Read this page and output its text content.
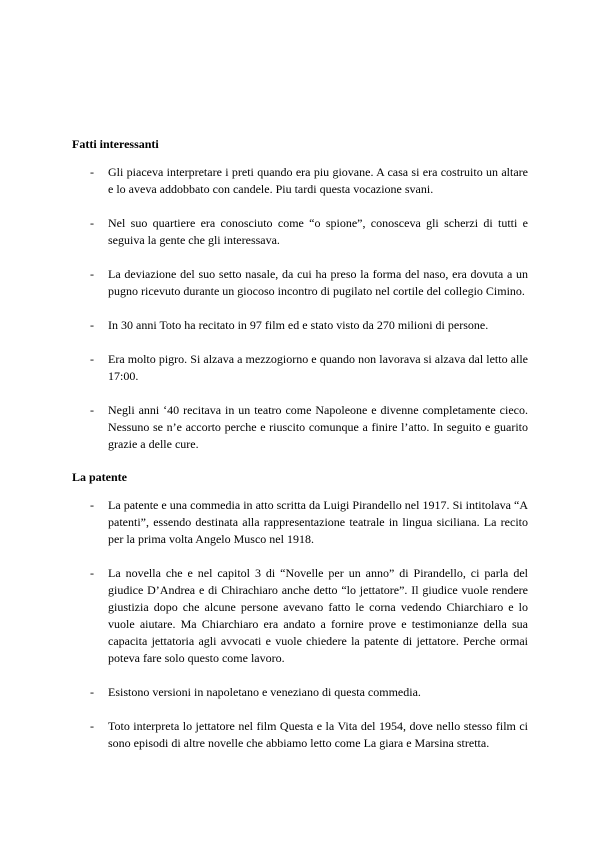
Fatti interessanti
- Gli piaceva interpretare i preti quando era piu giovane. A casa si era costruito un altare e lo aveva addobbato con candele. Piu tardi questa vocazione svani.
- Nel suo quartiere era conosciuto come “o spione”, conosceva gli scherzi di tutti e seguiva la gente che gli interessava.
- La deviazione del suo setto nasale, da cui ha preso la forma del naso, era dovuta a un pugno ricevuto durante un giocoso incontro di pugilato nel cortile del collegio Cimino.
- In 30 anni Toto ha recitato in 97 film ed e stato visto da 270 milioni di persone.
- Era molto pigro. Si alzava a mezzogiorno e quando non lavorava si alzava dal letto alle 17:00.
- Negli anni ‘40 recitava in un teatro come Napoleone e divenne completamente cieco. Nessuno se n’e accorto perche e riuscito comunque a finire l’atto. In seguito e guarito grazie a delle cure.
La patente
- La patente e una commedia in atto scritta da Luigi Pirandello nel 1917. Si intitolava “A patenti”, essendo destinata alla rappresentazione teatrale in lingua siciliana. La recito per la prima volta Angelo Musco nel 1918.
- La novella che e nel capitol 3 di “Novelle per un anno” di Pirandello, ci parla del giudice D’Andrea e di Chirachiaro anche detto “lo jettatore”. Il giudice vuole rendere giustizia dopo che alcune persone avevano fatto le corna vedendo Chiarchiaro e lo vuole aiutare. Ma Chiarchiaro era andato a fornire prove e testimonianze della sua capacita jettatoria agli avvocati e vuole chiedere la patente di jettatore. Perche ormai poteva fare solo questo come lavoro.
- Esistono versioni in napoletano e veneziano di questa commedia.
- Toto interpreta lo jettatore nel film Questa e la Vita del 1954, dove nello stesso film ci sono episodi di altre novelle che abbiamo letto come La giara e Marsina stretta.
